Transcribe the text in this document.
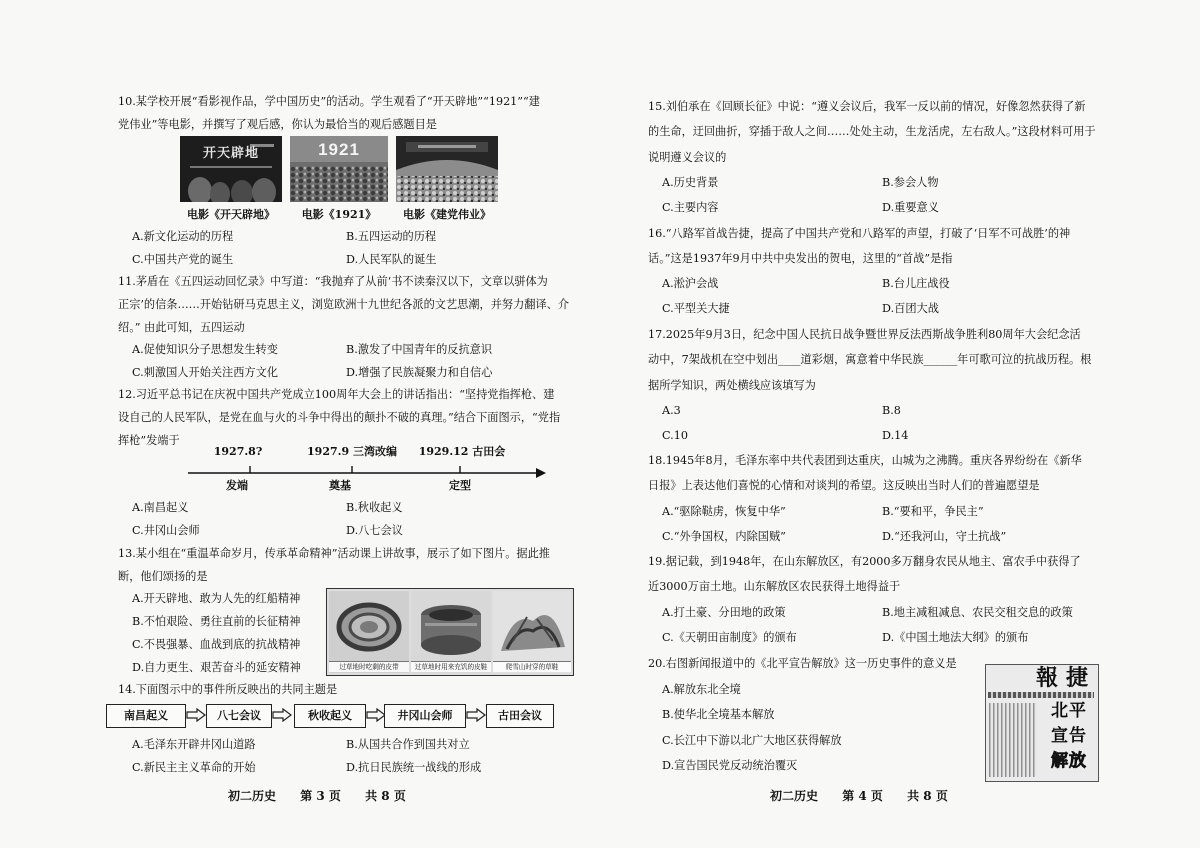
10.某学校开展“看影视作品，学中国历史”的活动。学生观看了“开天辟地”“1921”“建
党伟业”等电影，并撰写了观后感，你认为最恰当的观后感题目是
开天辟地	1921
电影《开天辟地》	电影《1921》	电影《建党伟业》
A.新文化运动的历程	B.五四运动的历程
C.中国共产党的诞生	D.人民军队的诞生
11.茅盾在《五四运动回忆录》中写道：“我抛弃了从前‘书不读秦汉以下，文章以骈体为
正宗’的信条……开始钻研马克思主义，浏览欧洲十九世纪各派的文艺思潮，并努力翻译、介
绍。” 由此可知，五四运动
A.促使知识分子思想发生转变	B.激发了中国青年的反抗意识
C.刺激国人开始关注西方文化	D.增强了民族凝聚力和自信心
12.习近平总书记在庆祝中国共产党成立100周年大会上的讲话指出：“坚持党指挥枪、建
设自己的人民军队，是党在血与火的斗争中得出的颠扑不破的真理。”结合下面图示，“党指
挥枪”发端于
1927.8?	1927.9 三湾改编 1929.12 古田会
发端	奠基	定型
A.南昌起义	B.秋收起义
C.井冈山会师	D.八七会议
13.某小组在“重温革命岁月，传承革命精神”活动课上讲故事，展示了如下图片。据此推
断，他们颂扬的是
A.开天辟地、敢为人先的红船精神
B.不怕艰险、勇往直前的长征精神
C.不畏强暴、血战到底的抗战精神
D.自力更生、艰苦奋斗的延安精神	过草地时吃剩的皮带	过草地时用来充饥的皮鞋	爬雪山时穿的草鞋
14.下面图示中的事件所反映出的共同主题是
南昌起义	八七会议	秋收起义	井冈山会师	古田会议
A.毛泽东开辟井冈山道路	B.从国共合作到国共对立
C.新民主主义革命的开始	D.抗日民族统一战线的形成
初二历史 第 3 页 共 8 页
15.刘伯承在《回顾长征》中说：“遵义会议后，我军一反以前的情况，好像忽然获得了新
的生命，迂回曲折，穿插于敌人之间……处处主动，生龙活虎，左右敌人。”这段材料可用于
说明遵义会议的
A.历史背景	B.参会人物
C.主要内容	D.重要意义
16.“八路军首战告捷，提高了中国共产党和八路军的声望，打破了‘日军不可战胜’的神
话。”这是1937年9月中共中央发出的贺电，这里的“首战”是指
A.淞沪会战	B.台儿庄战役
C.平型关大捷	D.百团大战
17.2025年9月3日，纪念中国人民抗日战争暨世界反法西斯战争胜利80周年大会纪念活
动中，7架战机在空中划出____道彩烟，寓意着中华民族______年可歌可泣的抗战历程。根
据所学知识，两处横线应该填写为
A.3	B.8
C.10	D.14
18.1945年8月，毛泽东率中共代表团到达重庆，山城为之沸腾。重庆各界纷纷在《新华
日报》上表达他们喜悦的心情和对谈判的希望。这反映出当时人们的普遍愿望是
A.“驱除鞑虏，恢复中华”	B.“要和平，争民主”
C.“外争国权，内除国贼”	D.“还我河山，守土抗战”
19.据记载，到1948年，在山东解放区，有2000多万翻身农民从地主、富农手中获得了
近3000万亩土地。山东解放区农民获得土地得益于
A.打土豪、分田地的政策	B.地主减租减息、农民交租交息的政策
C.《天朝田亩制度》的颁布	D.《中国土地法大纲》的颁布
20.右图新闻报道中的《北平宣告解放》这一历史事件的意义是
A.解放东北全境
B.使华北全境基本解放
C.长江中下游以北广大地区获得解放
D.宣告国民党反动统治覆灭
報捷
北平
宣告
解放
初二历史 第 4 页 共 8 页
